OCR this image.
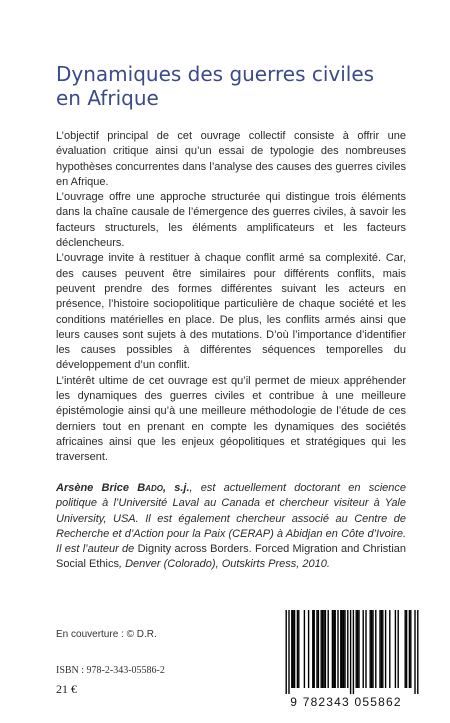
Dynamiques des guerres civiles
en Afrique

L’objectif principal de cet ouvrage collectif consiste à offrir une évaluation critique ainsi qu’un essai de typologie des nombreuses hypothèses concurrentes dans l’analyse des causes des guerres civiles en Afrique.

L’ouvrage offre une approche structurée qui distingue trois éléments dans la chaîne causale de l’émergence des guerres civiles, à savoir les facteurs structurels, les éléments amplificateurs et les facteurs déclencheurs.

L’ouvrage invite à restituer à chaque conflit armé sa complexité. Car, des causes peuvent être similaires pour différents conflits, mais peuvent prendre des formes différentes suivant les acteurs en présence, l’histoire sociopolitique particulière de chaque société et les conditions matérielles en place. De plus, les conflits armés ainsi que leurs causes sont sujets à des mutations. D’où l’importance d’identifier les causes possibles à différentes séquences temporelles du développement d’un conflit.

L’intérêt ultime de cet ouvrage est qu’il permet de mieux appréhender les dynamiques des guerres civiles et contribue à une meilleure épistémologie ainsi qu’à une meilleure méthodologie de l’étude de ces derniers tout en prenant en compte les dynamiques des sociétés africaines ainsi que les enjeux géopolitiques et stratégiques qui les traversent.

Arsène Brice Bado, s.j., est actuellement doctorant en science politique à l’Université Laval au Canada et chercheur visiteur à Yale University, USA. Il est également chercheur associé au Centre de Recherche et d’Action pour la Paix (CERAP) à Abidjan en Côte d’Ivoire. Il est l’auteur de Dignity across Borders. Forced Migration and Christian Social Ethics, Denver (Colorado), Outskirts Press, 2010.

En couverture : © D.R.
ISBN : 978-2-343-05586-2
21 €
9 782343 055862
